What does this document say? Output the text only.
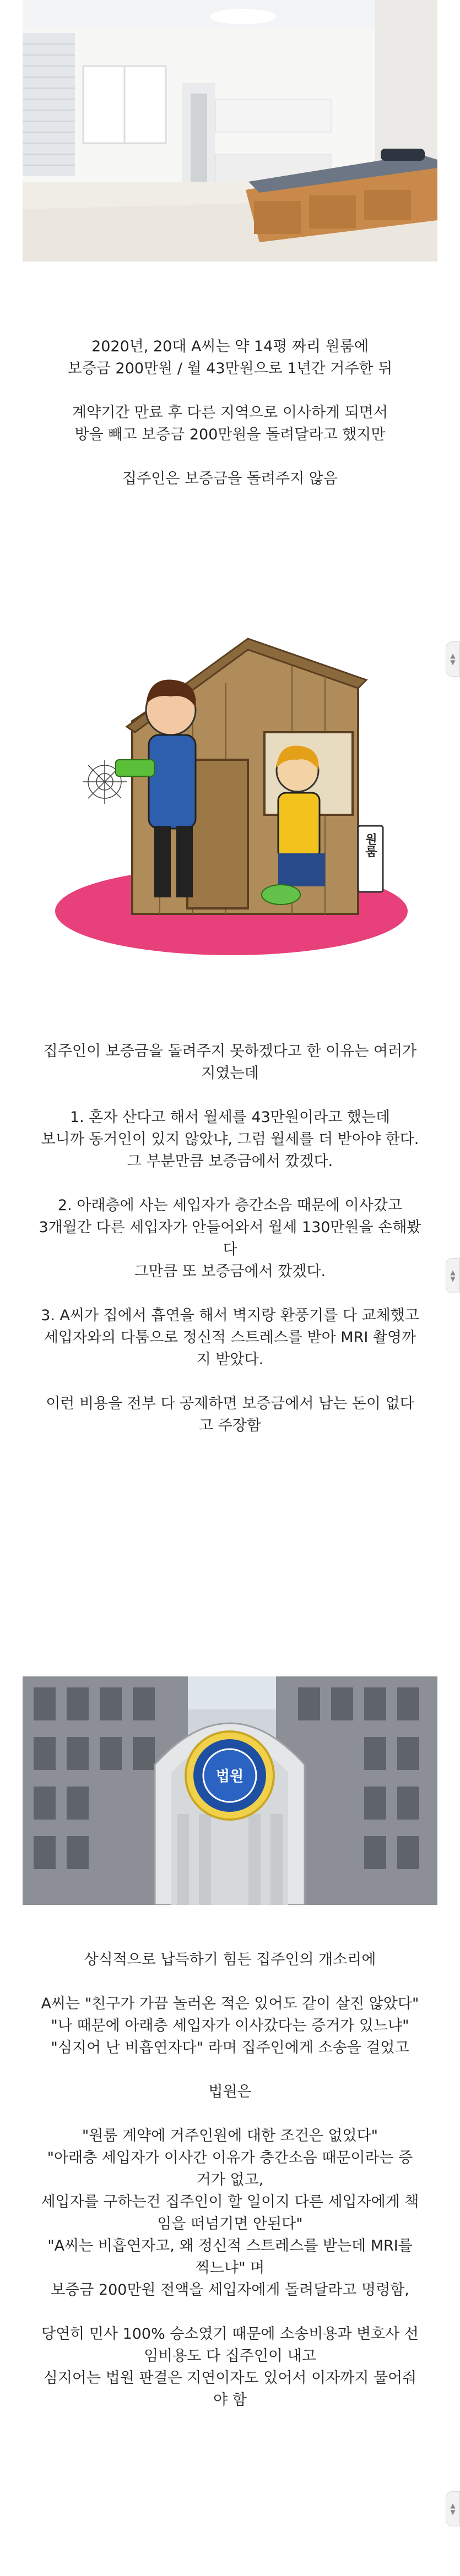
2020년, 20대 A씨는 약 14평 짜리 원룸에

보증금 200만원 / 월 43만원으로 1년간 거주한 뒤

계약기간 만료 후 다른 지역으로 이사하게 되면서

방을 빼고 보증금 200만원을 돌려달라고 했지만

집주인은 보증금을 돌려주지 않음

▲
▼
원룸

집주인이 보증금을 돌려주지 못하겠다고 한 이유는 여러가

지였는데

1. 혼자 산다고 해서 월세를 43만원이라고 했는데

보니까 동거인이 있지 않았냐, 그럼 월세를 더 받아야 한다.

그 부분만큼 보증금에서 깠겠다.

2. 아래층에 사는 세입자가 층간소음 때문에 이사갔고

3개월간 다른 세입자가 안들어와서 월세 130만원을 손해봤

다

그만큼 또 보증금에서 깠겠다.

3. A씨가 집에서 흡연을 해서 벽지랑 환풍기를 다 교체했고

세입자와의 다툼으로 정신적 스트레스를 받아 MRI 촬영까

지 받았다.

이런 비용을 전부 다 공제하면 보증금에서 남는 돈이 없다

고 주장함

▲
▼
법원

상식적으로 납득하기 힘든 집주인의 개소리에

A씨는 "친구가 가끔 놀러온 적은 있어도 같이 살진 않았다"

"나 때문에 아래층 세입자가 이사갔다는 증거가 있느냐"

"심지어 난 비흡연자다" 라며 집주인에게 소송을 걸었고

법원은

"원룸 계약에 거주인원에 대한 조건은 없었다"

"아래층 세입자가 이사간 이유가 층간소음 때문이라는 증

거가 없고,

세입자를 구하는건 집주인이 할 일이지 다른 세입자에게 책

임을 떠넘기면 안된다"

"A씨는 비흡연자고, 왜 정신적 스트레스를 받는데 MRI를

찍느냐" 며

보증금 200만원 전액을 세입자에게 돌려달라고 명령함,

당연히 민사 100% 승소였기 때문에 소송비용과 변호사 선

임비용도 다 집주인이 내고

심지어는 법원 판결은 지연이자도 있어서 이자까지 물어줘

야 함

▲
▼
